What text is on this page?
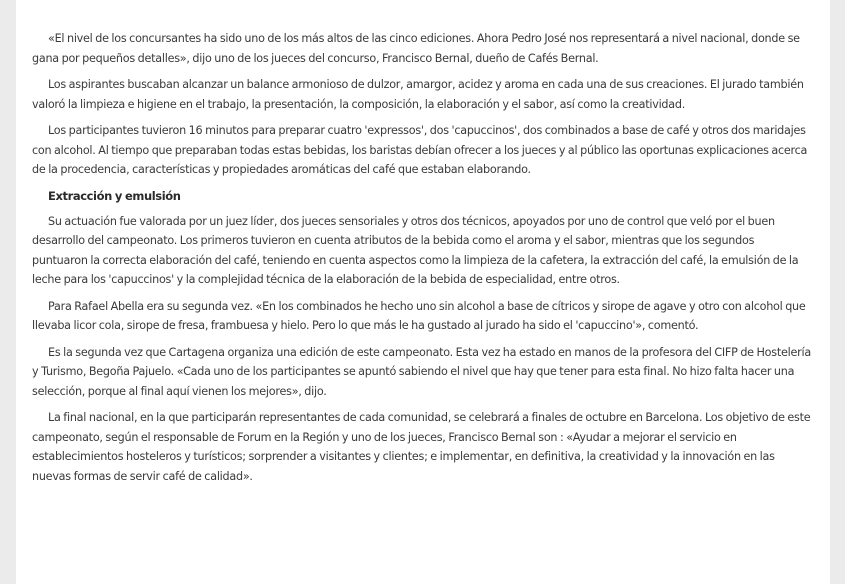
«El nivel de los concursantes ha sido uno de los más altos de las cinco ediciones. Ahora Pedro José nos representará a nivel nacional, donde se gana por pequeños detalles», dijo uno de los jueces del concurso, Francisco Bernal, dueño de Cafés Bernal.

Los aspirantes buscaban alcanzar un balance armonioso de dulzor, amargor, acidez y aroma en cada una de sus creaciones. El jurado también valoró la limpieza e higiene en el trabajo, la presentación, la composición, la elaboración y el sabor, así como la creatividad.

Los participantes tuvieron 16 minutos para preparar cuatro 'expressos', dos 'capuccinos', dos combinados a base de café y otros dos maridajes con alcohol. Al tiempo que preparaban todas estas bebidas, los baristas debían ofrecer a los jueces y al público las oportunas explicaciones acerca de la procedencia, características y propiedades aromáticas del café que estaban elaborando.

Extracción y emulsión

Su actuación fue valorada por un juez líder, dos jueces sensoriales y otros dos técnicos, apoyados por uno de control que veló por el buen desarrollo del campeonato. Los primeros tuvieron en cuenta atributos de la bebida como el aroma y el sabor, mientras que los segundos puntuaron la correcta elaboración del café, teniendo en cuenta aspectos como la limpieza de la cafetera, la extracción del café, la emulsión de la leche para los 'capuccinos' y la complejidad técnica de la elaboración de la bebida de especialidad, entre otros.

Para Rafael Abella era su segunda vez. «En los combinados he hecho uno sin alcohol a base de cítricos y sirope de agave y otro con alcohol que llevaba licor cola, sirope de fresa, frambuesa y hielo. Pero lo que más le ha gustado al jurado ha sido el 'capuccino'», comentó.

Es la segunda vez que Cartagena organiza una edición de este campeonato. Esta vez ha estado en manos de la profesora del CIFP de Hostelería y Turismo, Begoña Pajuelo. «Cada uno de los participantes se apuntó sabiendo el nivel que hay que tener para esta final. No hizo falta hacer una selección, porque al final aquí vienen los mejores», dijo.

La final nacional, en la que participarán representantes de cada comunidad, se celebrará a finales de octubre en Barcelona. Los objetivo de este campeonato, según el responsable de Forum en la Región y uno de los jueces, Francisco Bernal son : «Ayudar a mejorar el servicio en establecimientos hosteleros y turísticos; sorprender a visitantes y clientes; e implementar, en definitiva, la creatividad y la innovación en las nuevas formas de servir café de calidad».
